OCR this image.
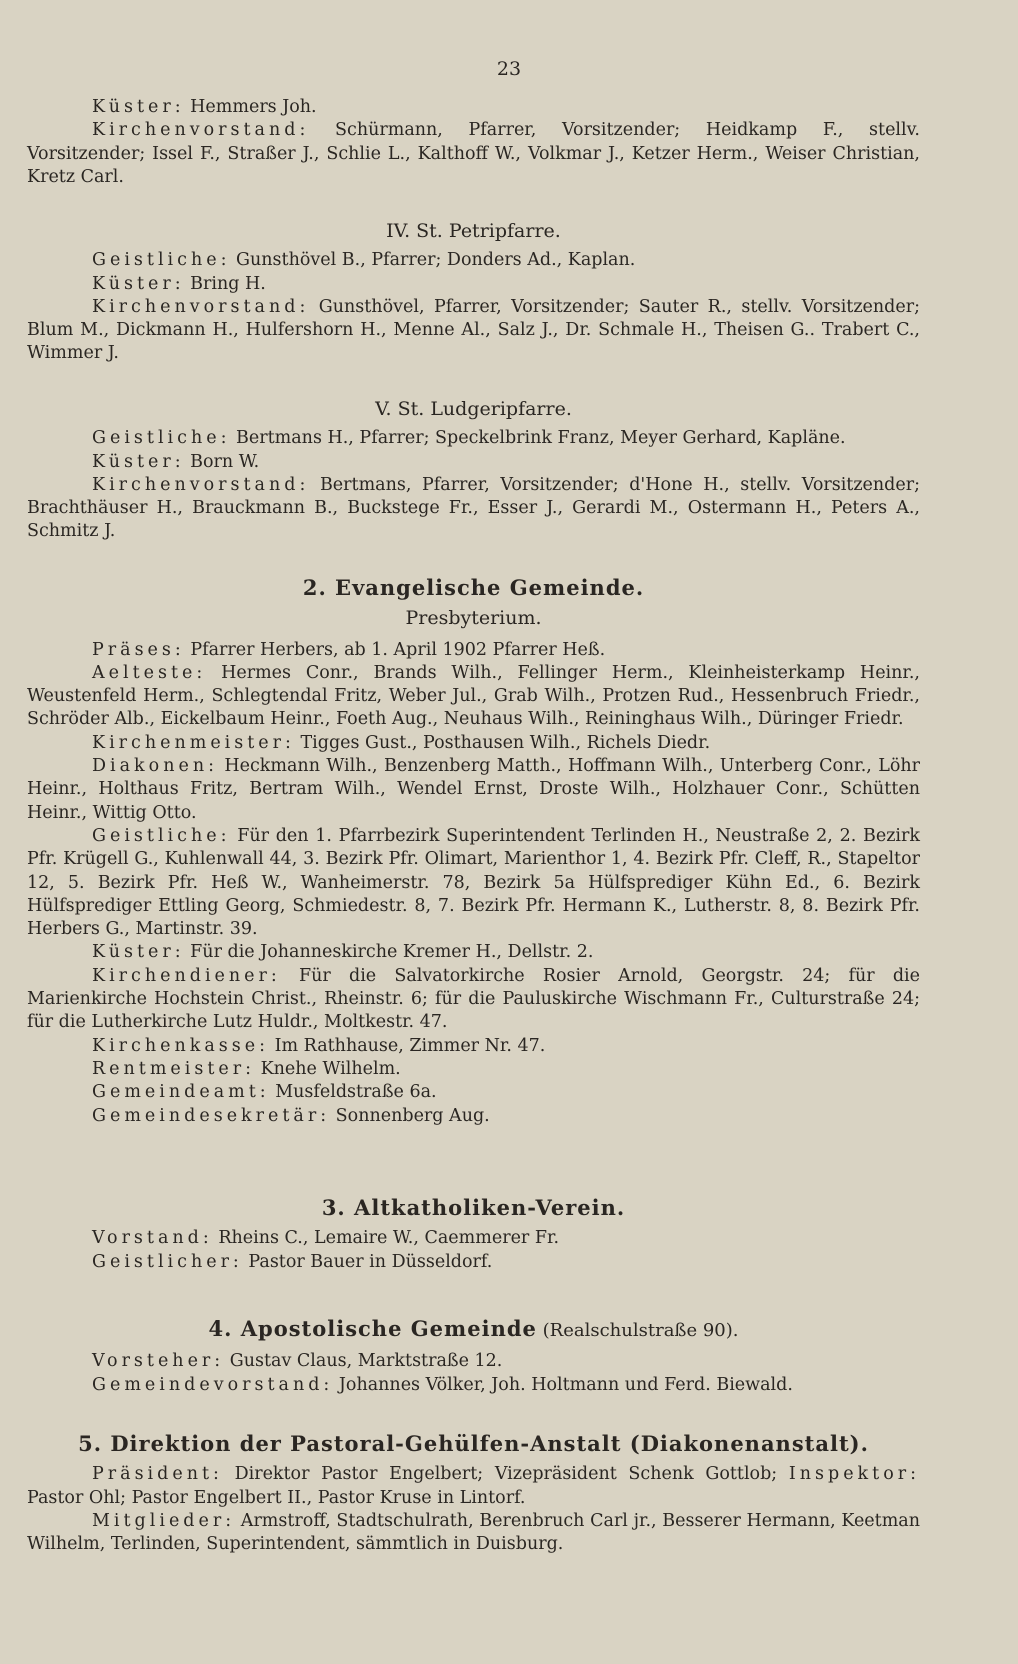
23

Küster: Hemmers Joh.

Kirchenvorstand: Schürmann, Pfarrer, Vorsitzender; Heidkamp F., stellv. Vorsitzender; Issel F., Straßer J., Schlie L., Kalthoff W., Volkmar J., Ketzer Herm., Weiser Christian, Kretz Carl.

IV. St. Petripfarre.

Geistliche: Gunsthövel B., Pfarrer; Donders Ad., Kaplan.

Küster: Bring H.

Kirchenvorstand: Gunsthövel, Pfarrer, Vorsitzender; Sauter R., stellv. Vorsitzender; Blum M., Dickmann H., Hulfershorn H., Menne Al., Salz J., Dr. Schmale H., Theisen G.. Trabert C., Wimmer J.

V. St. Ludgeripfarre.

Geistliche: Bertmans H., Pfarrer; Speckelbrink Franz, Meyer Gerhard, Kapläne.

Küster: Born W.

Kirchenvorstand: Bertmans, Pfarrer, Vorsitzender; d'Hone H., stellv. Vorsitzender; Brachthäuser H., Brauckmann B., Buckstege Fr., Esser J., Gerardi M., Ostermann H., Peters A., Schmitz J.

2. Evangelische Gemeinde.

Presbyterium.

Präses: Pfarrer Herbers, ab 1. April 1902 Pfarrer Heß.

Aelteste: Hermes Conr., Brands Wilh., Fellinger Herm., Kleinheisterkamp Heinr., Weustenfeld Herm., Schlegtendal Fritz, Weber Jul., Grab Wilh., Protzen Rud., Hessenbruch Friedr., Schröder Alb., Eickelbaum Heinr., Foeth Aug., Neuhaus Wilh., Reininghaus Wilh., Düringer Friedr.

Kirchenmeister: Tigges Gust., Posthausen Wilh., Richels Diedr.

Diakonen: Heckmann Wilh., Benzenberg Matth., Hoffmann Wilh., Unterberg Conr., Löhr Heinr., Holthaus Fritz, Bertram Wilh., Wendel Ernst, Droste Wilh., Holzhauer Conr., Schütten Heinr., Wittig Otto.

Geistliche: Für den 1. Pfarrbezirk Superintendent Terlinden H., Neustraße 2, 2. Bezirk Pfr. Krügell G., Kuhlenwall 44, 3. Bezirk Pfr. Olimart, Marienthor 1, 4. Bezirk Pfr. Cleff, R., Stapeltor 12, 5. Bezirk Pfr. Heß W., Wanheimerstr. 78, Bezirk 5a Hülfsprediger Kühn Ed., 6. Bezirk Hülfsprediger Ettling Georg, Schmiedestr. 8, 7. Bezirk Pfr. Hermann K., Lutherstr. 8, 8. Bezirk Pfr. Herbers G., Martinstr. 39.

Küster: Für die Johanneskirche Kremer H., Dellstr. 2.

Kirchendiener: Für die Salvatorkirche Rosier Arnold, Georgstr. 24; für die Marienkirche Hochstein Christ., Rheinstr. 6; für die Pauluskirche Wischmann Fr., Culturstraße 24; für die Lutherkirche Lutz Huldr., Moltkestr. 47.

Kirchenkasse: Im Rathhause, Zimmer Nr. 47.

Rentmeister: Knehe Wilhelm.

Gemeindeamt: Musfeldstraße 6a.

Gemeindesekretär: Sonnenberg Aug.

3. Altkatholiken-Verein.

Vorstand: Rheins C., Lemaire W., Caemmerer Fr.

Geistlicher: Pastor Bauer in Düsseldorf.

4. Apostolische Gemeinde (Realschulstraße 90).

Vorsteher: Gustav Claus, Marktstraße 12.

Gemeindevorstand: Johannes Völker, Joh. Holtmann und Ferd. Biewald.

5. Direktion der Pastoral-Gehülfen-Anstalt (Diakonenanstalt).

Präsident: Direktor Pastor Engelbert; Vizepräsident Schenk Gottlob; Inspektor: Pastor Ohl; Pastor Engelbert II., Pastor Kruse in Lintorf.

Mitglieder: Armstroff, Stadtschulrath, Berenbruch Carl jr., Besserer Hermann, Keetman Wilhelm, Terlinden, Superintendent, sämmtlich in Duisburg.
